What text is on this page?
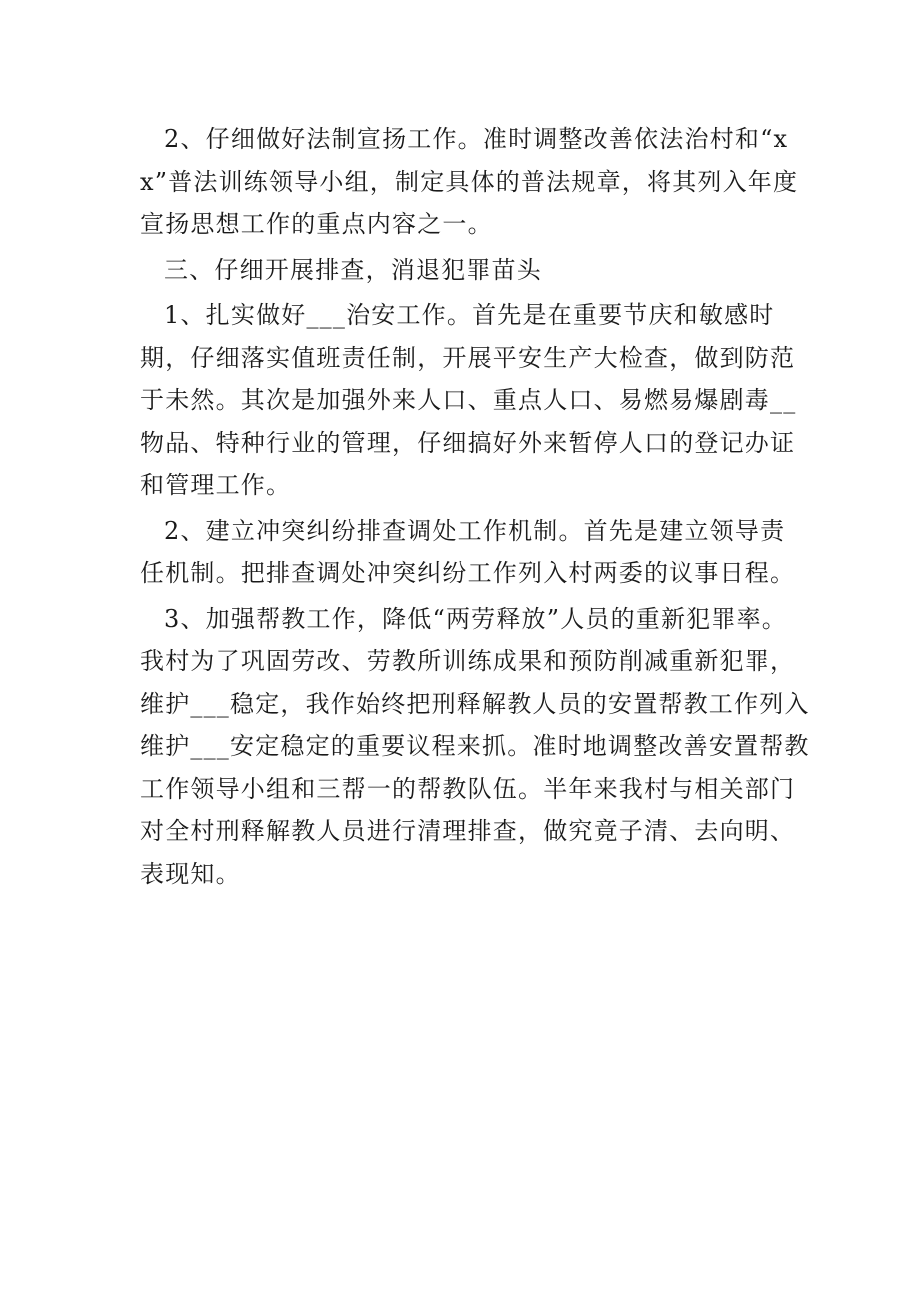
2、仔细做好法制宣扬工作。准时调整改善依法治村和“xx”普法训练领导小组，制定具体的普法规章，将其列入年度宣扬思想工作的重点内容之一。

三、仔细开展排查，消退犯罪苗头

1、扎实做好___治安工作。首先是在重要节庆和敏感时期，仔细落实值班责任制，开展平安生产大检查，做到防范于未然。其次是加强外来人口、重点人口、易燃易爆剧毒__物品、特种行业的管理，仔细搞好外来暂停人口的登记办证和管理工作。

2、建立冲突纠纷排查调处工作机制。首先是建立领导责任机制。把排查调处冲突纠纷工作列入村两委的议事日程。

3、加强帮教工作，降低“两劳释放”人员的重新犯罪率。我村为了巩固劳改、劳教所训练成果和预防削减重新犯罪，维护___稳定，我作始终把刑释解教人员的安置帮教工作列入维护___安定稳定的重要议程来抓。准时地调整改善安置帮教工作领导小组和三帮一的帮教队伍。半年来我村与相关部门对全村刑释解教人员进行清理排查，做究竟子清、去向明、表现知。
